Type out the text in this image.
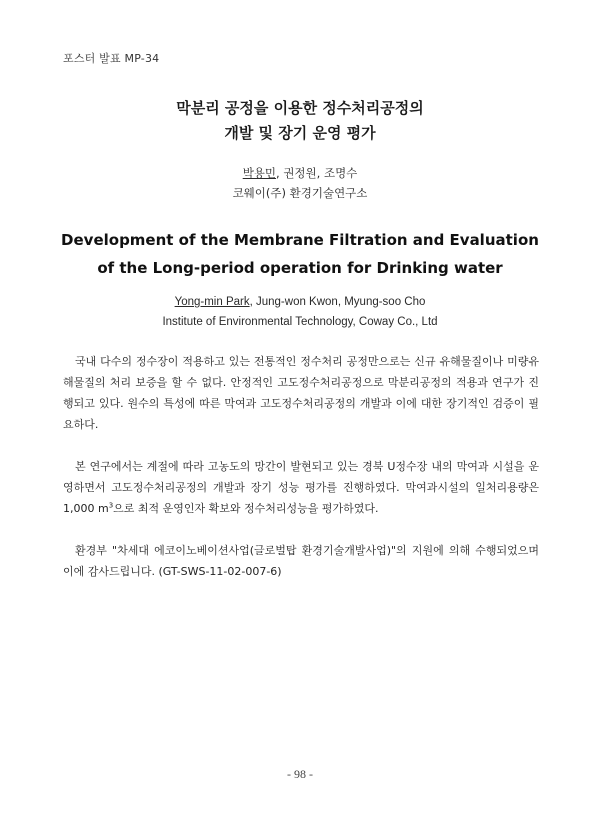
포스터 발표 MP-34
막분리 공정을 이용한 정수처리공정의
개발 및 장기 운영 평가
박용민, 권정원, 조명수
코웨이(주) 환경기술연구소
Development of the Membrane Filtration and Evaluation
of the Long-period operation for Drinking water
Yong-min Park, Jung-won Kwon, Myung-soo Cho
Institute of Environmental Technology, Coway Co., Ltd

국내 다수의 정수장이 적용하고 있는 전통적인 정수처리 공정만으로는 신규 유해물질이나 미량유해물질의 처리 보증을 할 수 없다. 안정적인 고도정수처리공정으로 막분리공정의 적용과 연구가 진행되고 있다. 원수의 특성에 따른 막여과 고도정수처리공정의 개발과 이에 대한 장기적인 검증이 필요하다.

본 연구에서는 계절에 따라 고농도의 망간이 발현되고 있는 경북 U정수장 내의 막여과 시설을 운영하면서 고도정수처리공정의 개발과 장기 성능 평가를 진행하였다. 막여과시설의 일처리용량은 1,000 $m^3$으로 최적 운영인자 확보와 정수처리성능을 평가하였다.

환경부 "차세대 에코이노베이션사업(글로벌탑 환경기술개발사업)"의 지원에 의해 수행되었으며 이에 감사드립니다. (GT-SWS-11-02-007-6)

- 98 -
